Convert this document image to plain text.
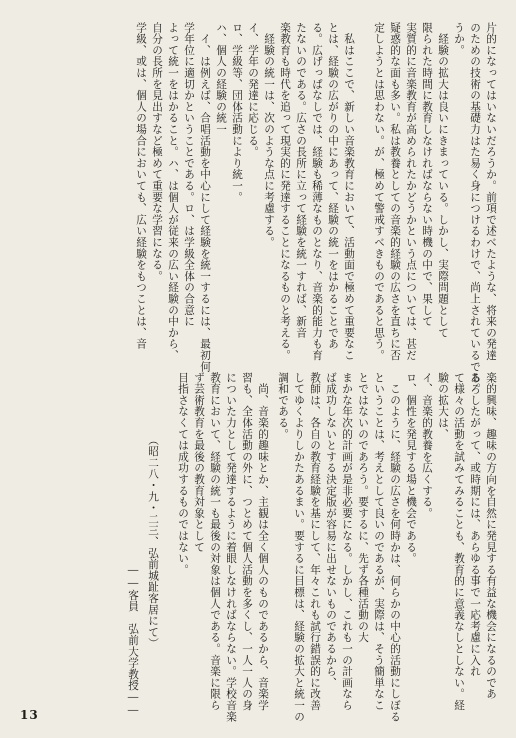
片的になってはいないだろうか。前項で述べたような、将来の発達
のための技術の基礎力はた易く身につけるわけで、尚上されているであろ
うか。
　経験の拡大は良いにきまっている。しかし、実際問題として
限られた時間に教育しなければならない時機の中で、果して
実質的に音楽教育が高められたかどうかという点については、甚だ
疑惑的な面も多い。私は教養としての音楽的経験の広さを直ちに否
定しようとは思わない。が、極めて警戒すべきものであると思う。
　私はここで、新しい音楽教育において、活動面で極めて重要なこ
とは、経験の広がりの中にあって、経験の統一をはかることであ
る。広げっぱなしでは、経験も稀薄なものとなり、音楽的能力も育
たないのである。広さの長所に立って経験を統一すれば、新音
楽教育も時代を追って現実的に発達することになるものと考える。
　経験の統一は、次のような点に考慮する。
イ、学年の発達に応じる。
ロ、学級等、団体活動により統一。
ハ、個人の経験の統一
　イ、は例えば、合唱活動を中心にして経験を統一するには、最初何
学年位に適切かということである。ロ、は学級全体の合意に
よって統一をはかること。ハ、は個人が従来の広い経験の中から、
自分の長所を見出すなど極めて重要な学習になる。
学級、或は、個人の場合においても、広い経験をもつことは、音
楽的興味、趣味の方向を自然に発見する有益な機会になるのであ
る。したがって、或時期には、あらゆる事で一応考慮に入れ
て様々の活動を試みてみることも、教育的に意義なしとしない。経
験の拡大は、
イ、音楽的教養を広くする。
ロ、個性を発見する場と機会である。
　このように、経験の広さを何時かは、何らかの中心的活動にしぼる
ということは、考えとして良いのであるが、実際は、そう簡単なこ
とではないのであろう。要するに、先ず各種活動の大
まかな年次的計画が是非必要になる。しかし、これも一の計画なら
ば成功しないとする決定版が容易に出せないものであるから、
教師は、各自の教育経験を基にして、年々これも試行錯誤的に改善
してゆくよりしかたあるまい。要するに目標は、経験の拡大と統一の
調和である。
　尚、音楽的趣味とか、主観は全く個人のものであるから、音楽学
習も、全体活動の外に、つとめて個人活動を多くし、一人一人の身
についた力として発達するように着眼しなければならない。学校音楽
教育において、経験の統一も最後の対象は個人である。音楽に限ら
ず芸術教育を最後の教育対象として
目指さなくては成功するものではない。
　　　　　　（昭二八・九・二三、弘前城趾客居にて）
　　　　　　　　　　　　　　　　　――客員　弘前大学教授――
13
